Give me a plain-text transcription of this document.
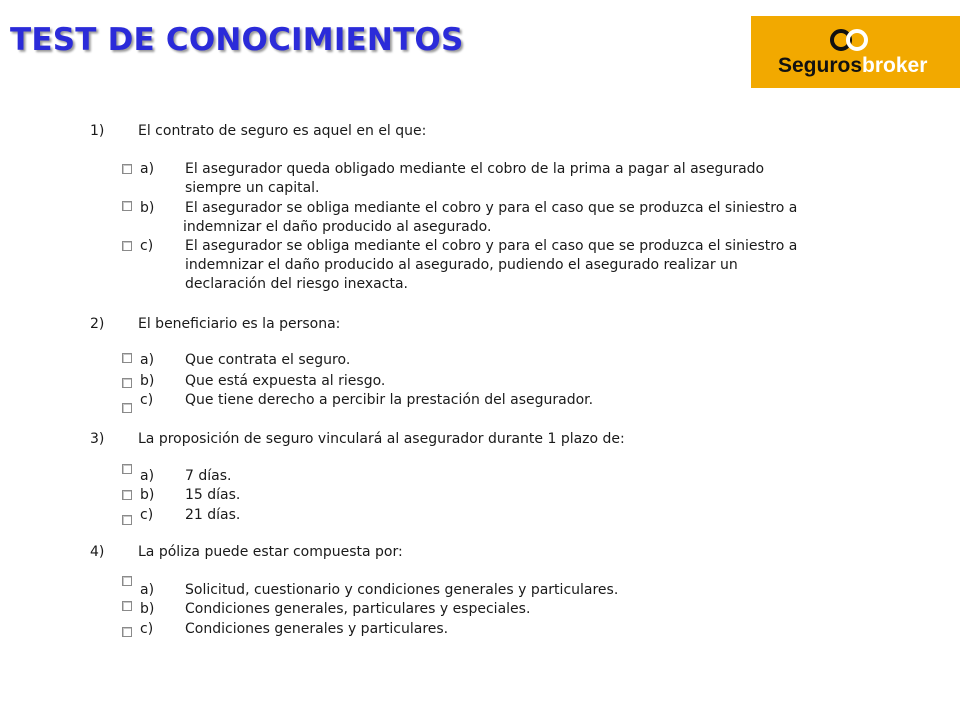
TEST DE CONOCIMIENTOS
Segurosbroker
1) El contrato de seguro es aquel en el que:
a) El asegurador queda obligado mediante el cobro de la prima a pagar al asegurado
siempre un capital.
b) El asegurador se obliga mediante el cobro y para el caso que se produzca el siniestro a
indemnizar el daño producido al asegurado.
c) El asegurador se obliga mediante el cobro y para el caso que se produzca el siniestro a
indemnizar el daño producido al asegurado, pudiendo el asegurado realizar un
declaración del riesgo inexacta.
2) El beneficiario es la persona:
a) Que contrata el seguro.
b) Que está expuesta al riesgo.
c) Que tiene derecho a percibir la prestación del asegurador.
3) La proposición de seguro vinculará al asegurador durante 1 plazo de:
a) 7 días.
b) 15 días.
c) 21 días.
4) La póliza puede estar compuesta por:
a) Solicitud, cuestionario y condiciones generales y particulares.
b) Condiciones generales, particulares y especiales.
c) Condiciones generales y particulares.
